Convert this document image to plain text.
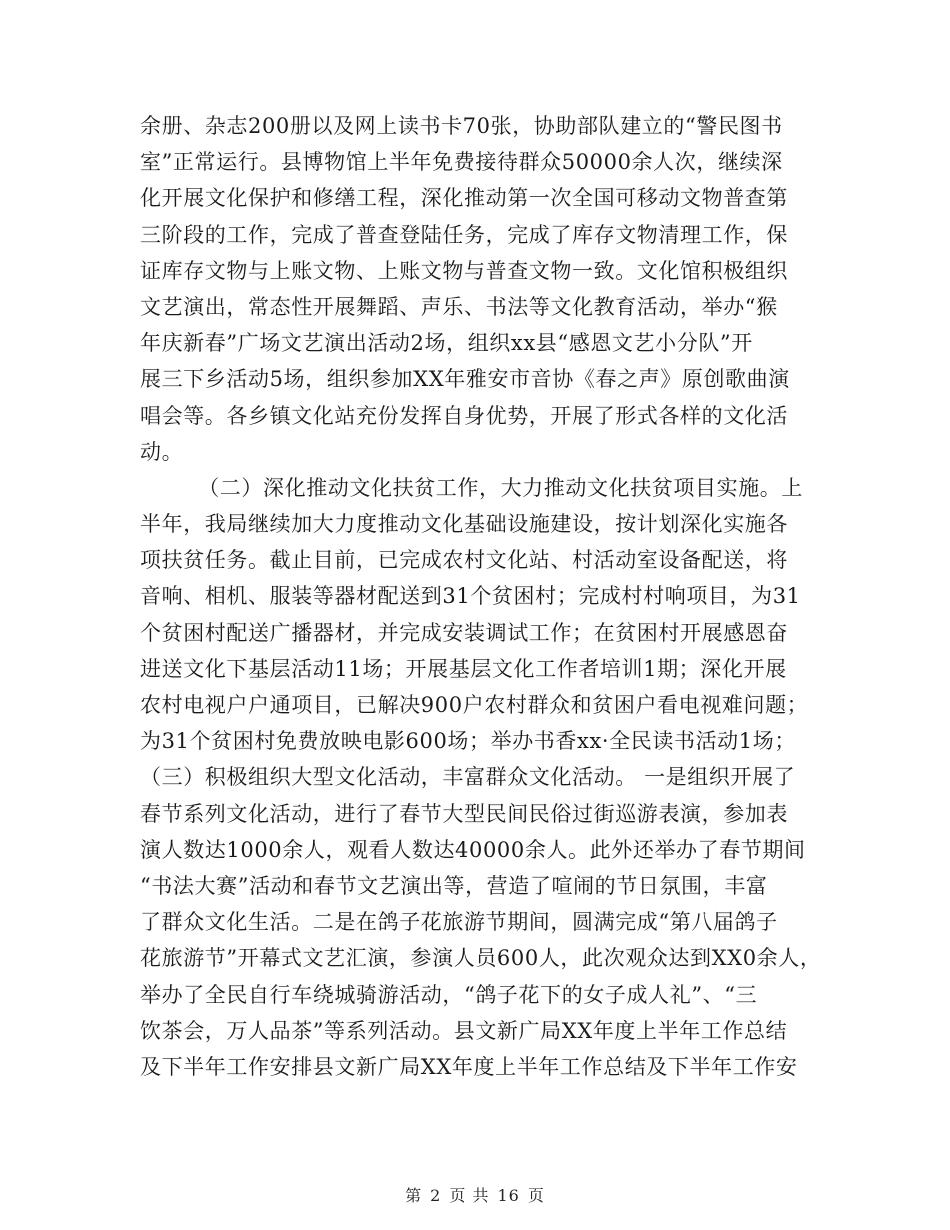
余册、杂志200册以及网上读书卡70张，协助部队建立的“警民图书
室”正常运行。县博物馆上半年免费接待群众50000余人次，继续深
化开展文化保护和修缮工程，深化推动第一次全国可移动文物普查第
三阶段的工作，完成了普查登陆任务，完成了库存文物清理工作，保
证库存文物与上账文物、上账文物与普查文物一致。文化馆积极组织
文艺演出，常态性开展舞蹈、声乐、书法等文化教育活动，举办“猴
年庆新春”广场文艺演出活动2场，组织xx县“感恩文艺小分队”开
展三下乡活动5场，组织参加XX年雅安市音协《春之声》原创歌曲演
唱会等。各乡镇文化站充份发挥自身优势，开展了形式各样的文化活
动。
（二）深化推动文化扶贫工作，大力推动文化扶贫项目实施。上
半年，我局继续加大力度推动文化基础设施建设，按计划深化实施各
项扶贫任务。截止目前，已完成农村文化站、村活动室设备配送，将
音响、相机、服装等器材配送到31个贫困村；完成村村响项目，为31
个贫困村配送广播器材，并完成安装调试工作；在贫困村开展感恩奋
进送文化下基层活动11场；开展基层文化工作者培训1期；深化开展
农村电视户户通项目，已解决900户农村群众和贫困户看电视难问题；
为31个贫困村免费放映电影600场；举办书香xx·全民读书活动1场；
（三）积极组织大型文化活动，丰富群众文化活动。 一是组织开展了
春节系列文化活动，进行了春节大型民间民俗过街巡游表演，参加表
演人数达1000余人，观看人数达40000余人。此外还举办了春节期间
“书法大赛”活动和春节文艺演出等，营造了喧闹的节日氛围，丰富
了群众文化生活。二是在鸽子花旅游节期间，圆满完成“第八届鸽子
花旅游节”开幕式文艺汇演，参演人员600人，此次观众达到XX0余人，
举办了全民自行车绕城骑游活动，“鸽子花下的女子成人礼”、“三
饮茶会，万人品茶”等系列活动。县文新广局XX年度上半年工作总结
及下半年工作安排县文新广局XX年度上半年工作总结及下半年工作安
第 2 页 共 16 页
